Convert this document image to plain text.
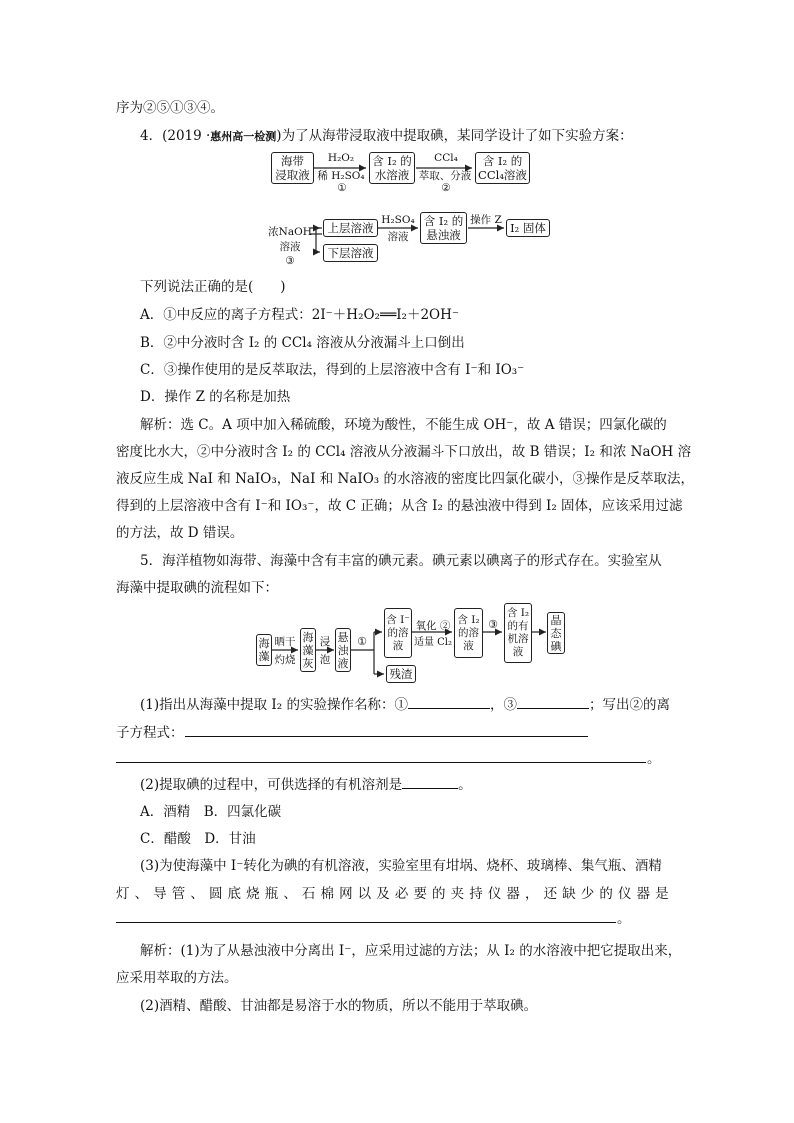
序为②⑤①③④。
4．(2019 ·惠州高一检测)为了从海带浸取液中提取碘，某同学设计了如下实验方案：
海带
浸取液
H₂O₂
稀 H₂SO₄
①
含 I₂ 的
水溶液
CCl₄
萃取、分液
②
含 I₂ 的
CCl₄溶液
浓NaOH
溶液
③
上层溶液
下层溶液
H₂SO₄
溶液
含 I₂ 的
悬浊液
操作 Z
I₂ 固体
下列说法正确的是(　　)
A．①中反应的离子方程式：2I⁻＋H₂O₂══I₂＋2OH⁻
B．②中分液时含 I₂ 的 CCl₄ 溶液从分液漏斗上口倒出
C．③操作使用的是反萃取法，得到的上层溶液中含有 I⁻和 IO₃⁻
D．操作 Z 的名称是加热
解析：选 C。A 项中加入稀硫酸，环境为酸性，不能生成 OH⁻，故 A 错误；四氯化碳的
密度比水大，②中分液时含 I₂ 的 CCl₄ 溶液从分液漏斗下口放出，故 B 错误；I₂ 和浓 NaOH 溶
液反应生成 NaI 和 NaIO₃，NaI 和 NaIO₃ 的水溶液的密度比四氯化碳小，③操作是反萃取法，
得到的上层溶液中含有 I⁻和 IO₃⁻，故 C 正确；从含 I₂ 的悬浊液中得到 I₂ 固体，应该采用过滤
的方法，故 D 错误。
5．海洋植物如海带、海藻中含有丰富的碘元素。碘元素以碘离子的形式存在。实验室从
海藻中提取碘的流程如下：
海
藻
晒干
灼烧
海
藻
灰
浸
泡
悬
浊
液
①
含 I⁻
的溶
液
氧化 ②
适量 Cl₂
含 I₂
的溶
液
③
含 I₂
的有
机溶
液
晶
态
碘
残渣
(1)指出从海藻中提取 I₂ 的实验操作名称：①	，③	；写出②的离
子方程式：
。
(2)提取碘的过程中，可供选择的有机溶剂是	。
A．酒精　B．四氯化碳
C．醋酸　D．甘油
(3)为使海藻中 I⁻转化为碘的有机溶液，实验室里有坩埚、烧杯、玻璃棒、集气瓶、酒精
灯 、 导 管 、 圆 底 烧 瓶 、 石 棉 网 以 及 必 要 的 夹 持 仪 器 ， 还 缺 少 的 仪 器 是
。
解析：(1)为了从悬浊液中分离出 I⁻，应采用过滤的方法；从 I₂ 的水溶液中把它提取出来，
应采用萃取的方法。
(2)酒精、醋酸、甘油都是易溶于水的物质，所以不能用于萃取碘。
